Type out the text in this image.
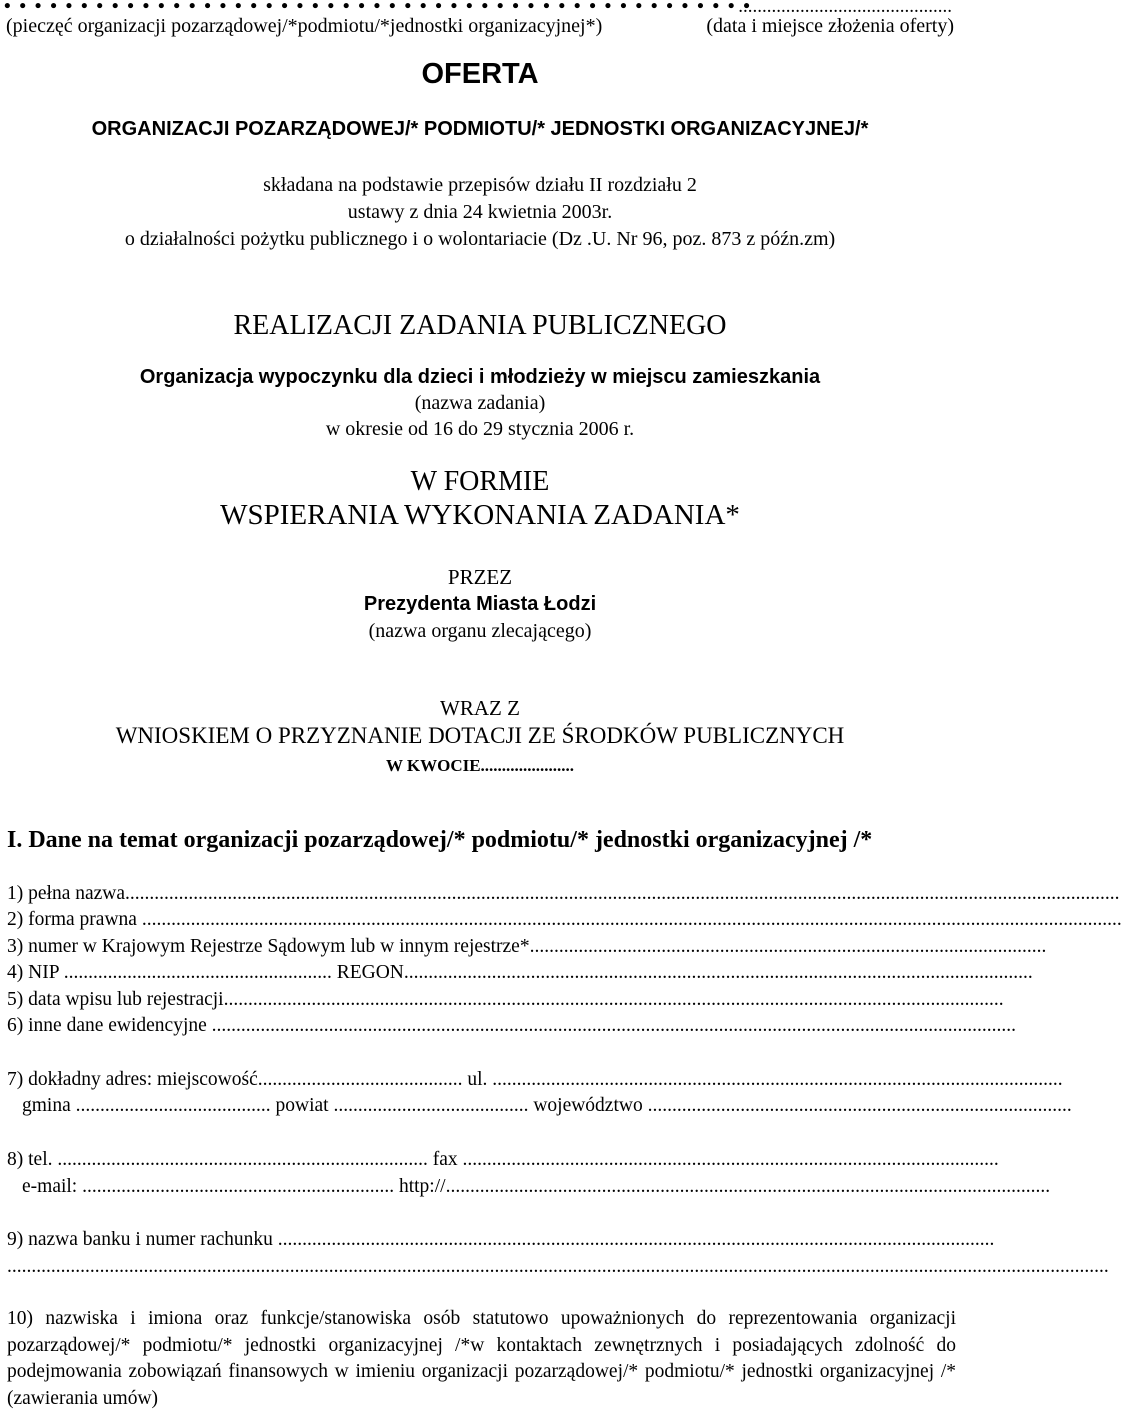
• • • • • • • • • • • • • • • • • • • • • • • • • • • • • • • • • • • • • • • • • • • • • • • • •
.............................................
(pieczęć organizacji pozarządowej/*podmiotu/*jednostki organizacyjnej*)	(data i miejsce złożenia oferty)
OFERTA
ORGANIZACJI POZARZĄDOWEJ/* PODMIOTU/* JEDNOSTKI ORGANIZACYJNEJ/*
składana na podstawie przepisów działu II rozdziału 2
ustawy z dnia 24 kwietnia 2003r.
o działalności pożytku publicznego i o wolontariacie (Dz .U. Nr 96, poz. 873 z późn.zm)
REALIZACJI ZADANIA PUBLICZNEGO
Organizacja wypoczynku dla dzieci i młodzieży w miejscu zamieszkania
(nazwa zadania)
w okresie od 16 do 29 stycznia 2006 r.
W FORMIE
WSPIERANIA WYKONANIA ZADANIA*
PRZEZ
Prezydenta Miasta Łodzi
(nazwa organu zlecającego)
WRAZ Z
WNIOSKIEM O PRZYZNANIE DOTACJI ZE ŚRODKÓW PUBLICZNYCH
W KWOCIE......................
I. Dane na temat organizacji pozarządowej/* podmiotu/* jednostki organizacyjnej /*
1) pełna nazwa............................................................................................................................................................................................................
2) forma prawna .........................................................................................................................................................................................................
3) numer w Krajowym Rejestrze Sądowym lub w innym rejestrze*..........................................................................................................
4) NIP ....................................................... REGON.................................................................................................................................
5) data wpisu lub rejestracji................................................................................................................................................................
6) inne dane ewidencyjne .....................................................................................................................................................................
7) dokładny adres: miejscowość.......................................... ul. .....................................................................................................................
gmina ........................................ powiat ........................................ województwo .......................................................................................
8) tel. ............................................................................ fax ..............................................................................................................
e-mail: ................................................................ http://............................................................................................................................
9) nazwa banku i numer rachunku ...................................................................................................................................................
..................................................................................................................................................................................................................................
10) nazwiska i imiona oraz funkcje/stanowiska osób statutowo upoważnionych do reprezentowania organizacji pozarządowej/* podmiotu/* jednostki organizacyjnej /*w kontaktach zewnętrznych i posiadających zdolność do podejmowania zobowiązań finansowych w imieniu organizacji pozarządowej/* podmiotu/* jednostki organizacyjnej /*(zawierania umów)
